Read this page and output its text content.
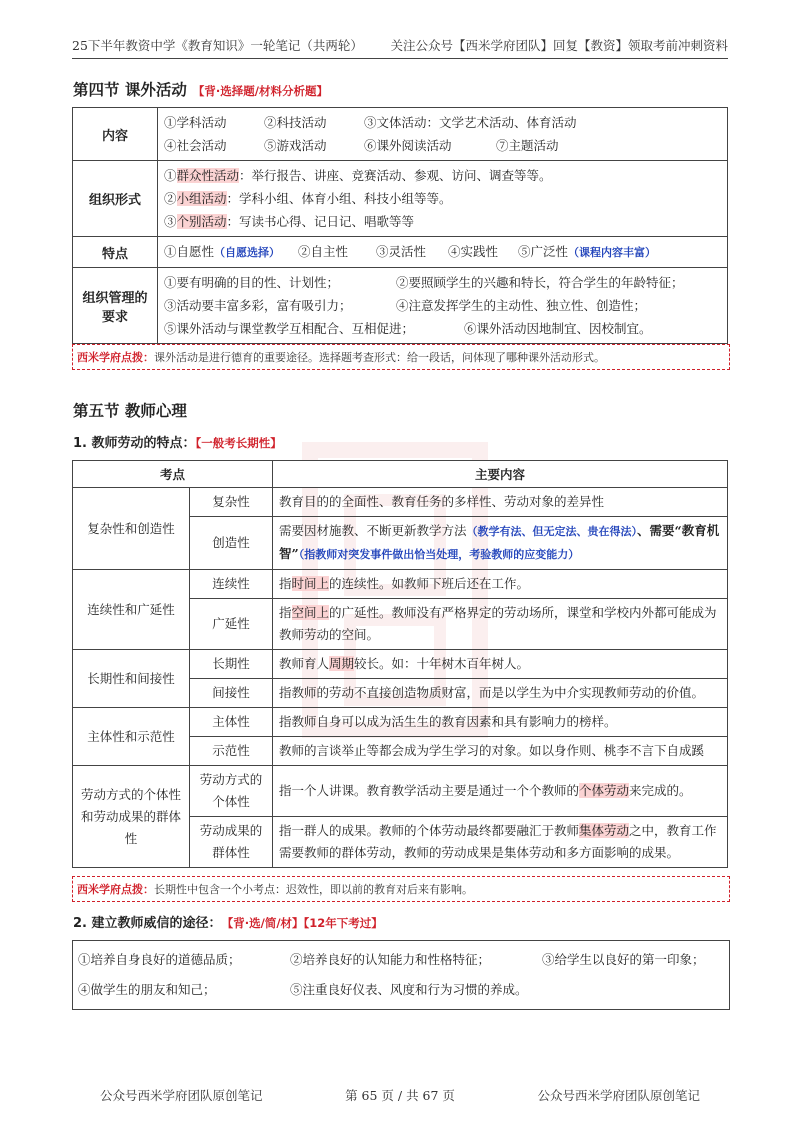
25下半年教资中学《教育知识》一轮笔记（共两轮） 关注公众号【西米学府团队】回复【教资】领取考前冲刺资料
第四节 课外活动 【背·选择题/材料分析题】
内容	①学科活动 ②科技活动 ③文体活动：文学艺术活动、体育活动
④社会活动 ⑤游戏活动 ⑥课外阅读活动 ⑦主题活动

组织形式	①群众性活动：举行报告、讲座、竞赛活动、参观、访问、调查等等。
②小组活动：学科小组、体育小组、科技小组等等。
③个别活动：写读书心得、记日记、唱歌等等

特点	①自愿性（自愿选择） ②自主性 ③灵活性 ④实践性 ⑤广泛性（课程内容丰富）
组织管理的要求	①要有明确的目的性、计划性； ②要照顾学生的兴趣和特长，符合学生的年龄特征；
③活动要丰富多彩，富有吸引力； ④注意发挥学生的主动性、独立性、创造性；
⑤课外活动与课堂教学互相配合、互相促进； ⑥课外活动因地制宜、因校制宜。
西米学府点拨：课外活动是进行德育的重要途径。选择题考查形式：给一段话，问体现了哪种课外活动形式。
第五节 教师心理
1. 教师劳动的特点：【一般考长期性】
考点		主要内容
复杂性和创造性	复杂性	教育目的的全面性、教育任务的多样性、劳动对象的差异性
	创造性	需要因材施教、不断更新教学方法（教学有法、但无定法、贵在得法）、需要“教育机智”（指教师对突发事件做出恰当处理，考验教师的应变能力）
连续性和广延性	连续性	指时间上的连续性。如教师下班后还在工作。
	广延性	指空间上的广延性。教师没有严格界定的劳动场所，课堂和学校内外都可能成为教师劳动的空间。
长期性和间接性	长期性	教师育人周期较长。如：十年树木百年树人。
	间接性	指教师的劳动不直接创造物质财富，而是以学生为中介实现教师劳动的价值。
主体性和示范性	主体性	指教师自身可以成为活生生的教育因素和具有影响力的榜样。
	示范性	教师的言谈举止等都会成为学生学习的对象。如以身作则、桃李不言下自成蹊
劳动方式的个体性和劳动成果的群体性	劳动方式的个体性	指一个人讲课。教育教学活动主要是通过一个个教师的个体劳动来完成的。
	劳动成果的群体性	指一群人的成果。教师的个体劳动最终都要融汇于教师集体劳动之中，教育工作需要教师的群体劳动，教师的劳动成果是集体劳动和多方面影响的成果。
西米学府点拨：长期性中包含一个小考点：迟效性，即以前的教育对后来有影响。
2. 建立教师威信的途径： 【背·选/简/材】【12年下考过】
①培养自身良好的道德品质；	②培养良好的认知能力和性格特征；	③给学生以良好的第一印象；
④做学生的朋友和知己；	⑤注重良好仪表、风度和行为习惯的养成。
公众号西米学府团队原创笔记	第 65 页 / 共 67 页	公众号西米学府团队原创笔记
